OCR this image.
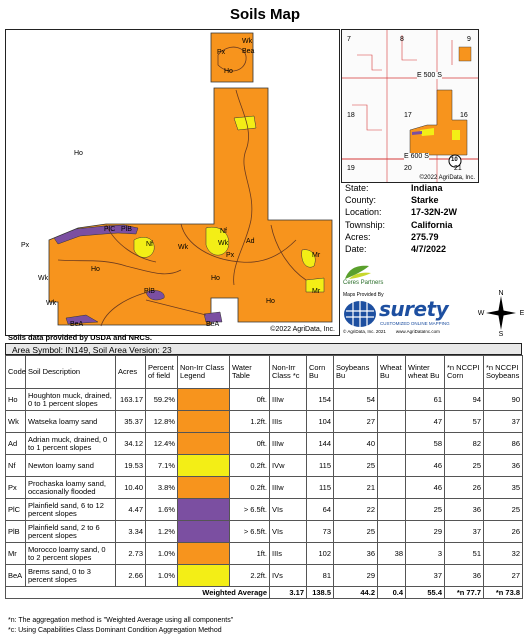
Soils Map
Wk
Px Bea
Ho
Ho
Ad
Mr
Px
PlB
PlC
Wk
Nf	Wk
Ho
Mr
Wk
PlB
Nf
Px
Wk
BeA	BeA
Ho
Ho
©2022 AgriData, Inc.
7	8	9
18	17	16
19	20	21
E 500 S
E 600 S	10
©2022 AgriData, Inc.
State:	Indiana
County:	Starke
Location:	17-32N-2W
Township:	California
Acres:	275.79
Date:	4/7/2022
Ceres Partners
Maps Provided By
surety
CUSTOMIZED ONLINE MAPPING
© AgriData, Inc. 2021 www.AgriDataInc.com
N
S
E
W
Soils data provided by USDA and NRCS.
Area Symbol: IN149, Soil Area Version: 23
Code	Soil Description	Acres	Percent of field	Non-Irr Class Legend	Water Table	Non-Irr Class *c	Corn Bu	Soybeans Bu	Wheat Bu	Winter wheat Bu	*n NCCPI Corn	*n NCCPI Soybeans
Ho	Houghton muck, drained, 0 to 1 percent slopes	163.17	59.2%		0ft.	IIIw	154	54		61	94	90
Wk	Watseka loamy sand	35.37	12.8%		1.2ft.	IIIs	104	27		47	57	37
Ad	Adrian muck, drained, 0 to 1 percent slopes	34.12	12.4%		0ft.	IIIw	144	40		58	82	86
Nf	Newton loamy sand	19.53	7.1%		0.2ft.	IVw	115	25		46	25	36
Px	Prochaska loamy sand, occasionally flooded	10.40	3.8%		0.2ft.	IIIw	115	21		46	26	35
PlC	Plainfield sand, 6 to 12 percent slopes	4.47	1.6%		> 6.5ft.	VIs	64	22		25	36	25
PlB	Plainfield sand, 2 to 6 percent slopes	3.34	1.2%		> 6.5ft.	VIs	73	25		29	37	26
Mr	Morocco loamy sand, 0 to 2 percent slopes	2.73	1.0%		1ft.	IIIs	102	36	38	3	51	32
BeA	Brems sand, 0 to 3 percent slopes	2.66	1.0%		2.2ft.	IVs	81	29		37	36	27
Weighted Average						3.17	138.5	44.2	0.4	55.4	*n 77.7	*n 73.8
*n: The aggregation method is "Weighted Average using all components"
*c: Using Capabilities Class Dominant Condition Aggregation Method
